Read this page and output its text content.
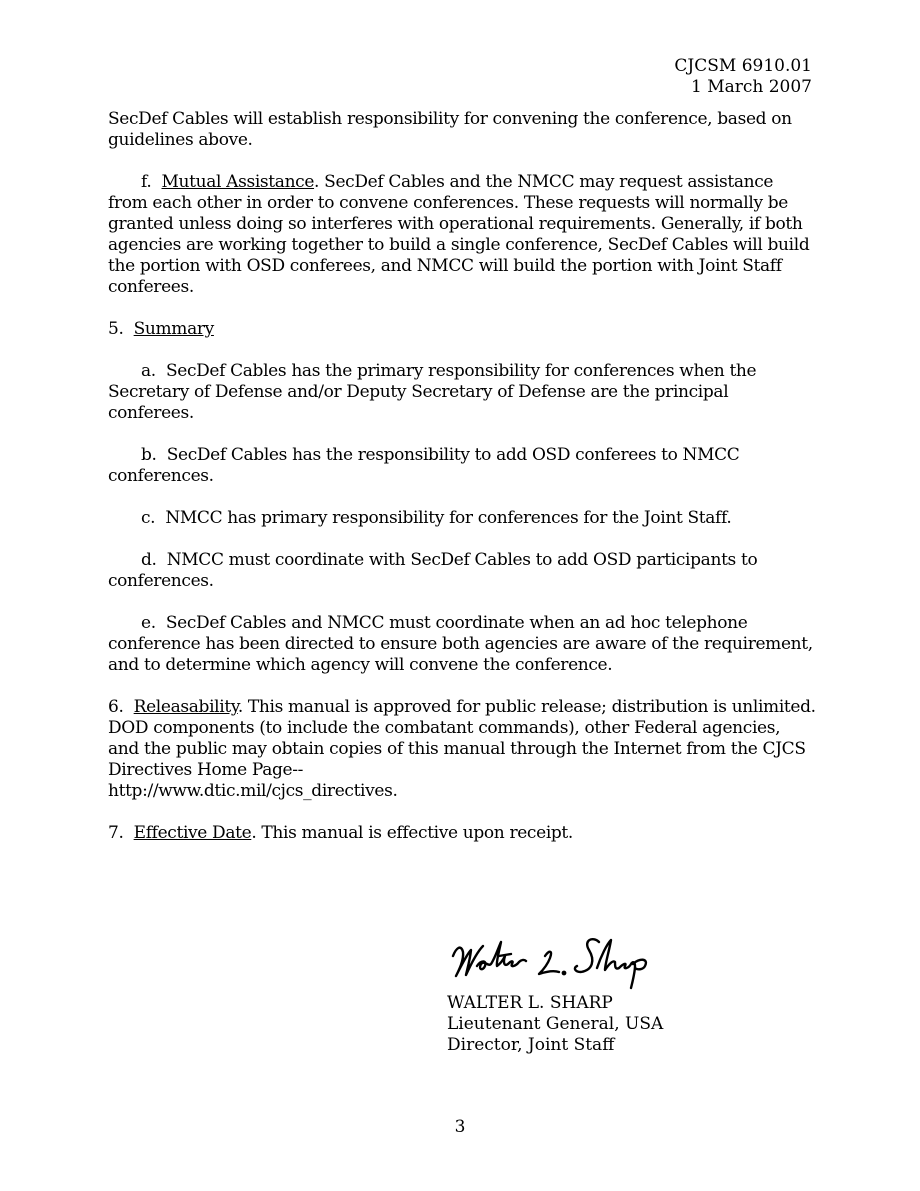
CJCSM 6910.01
1 March 2007

SecDef Cables will establish responsibility for convening the conference, based on guidelines above.

f. Mutual Assistance. SecDef Cables and the NMCC may request assistance from each other in order to convene conferences. These requests will normally be granted unless doing so interferes with operational requirements. Generally, if both agencies are working together to build a single conference, SecDef Cables will build the portion with OSD conferees, and NMCC will build the portion with Joint Staff conferees.

5. Summary

a. SecDef Cables has the primary responsibility for conferences when the Secretary of Defense and/or Deputy Secretary of Defense are the principal conferees.

b. SecDef Cables has the responsibility to add OSD conferees to NMCC conferences.

c. NMCC has primary responsibility for conferences for the Joint Staff.

d. NMCC must coordinate with SecDef Cables to add OSD participants to conferences.

e. SecDef Cables and NMCC must coordinate when an ad hoc telephone conference has been directed to ensure both agencies are aware of the requirement, and to determine which agency will convene the conference.

6. Releasability. This manual is approved for public release; distribution is unlimited. DOD components (to include the combatant commands), other Federal agencies, and the public may obtain copies of this manual through the Internet from the CJCS Directives Home Page--
http://www.dtic.mil/cjcs_directives.

7. Effective Date. This manual is effective upon receipt.

WALTER L. SHARP
Lieutenant General, USA
Director, Joint Staff
3
